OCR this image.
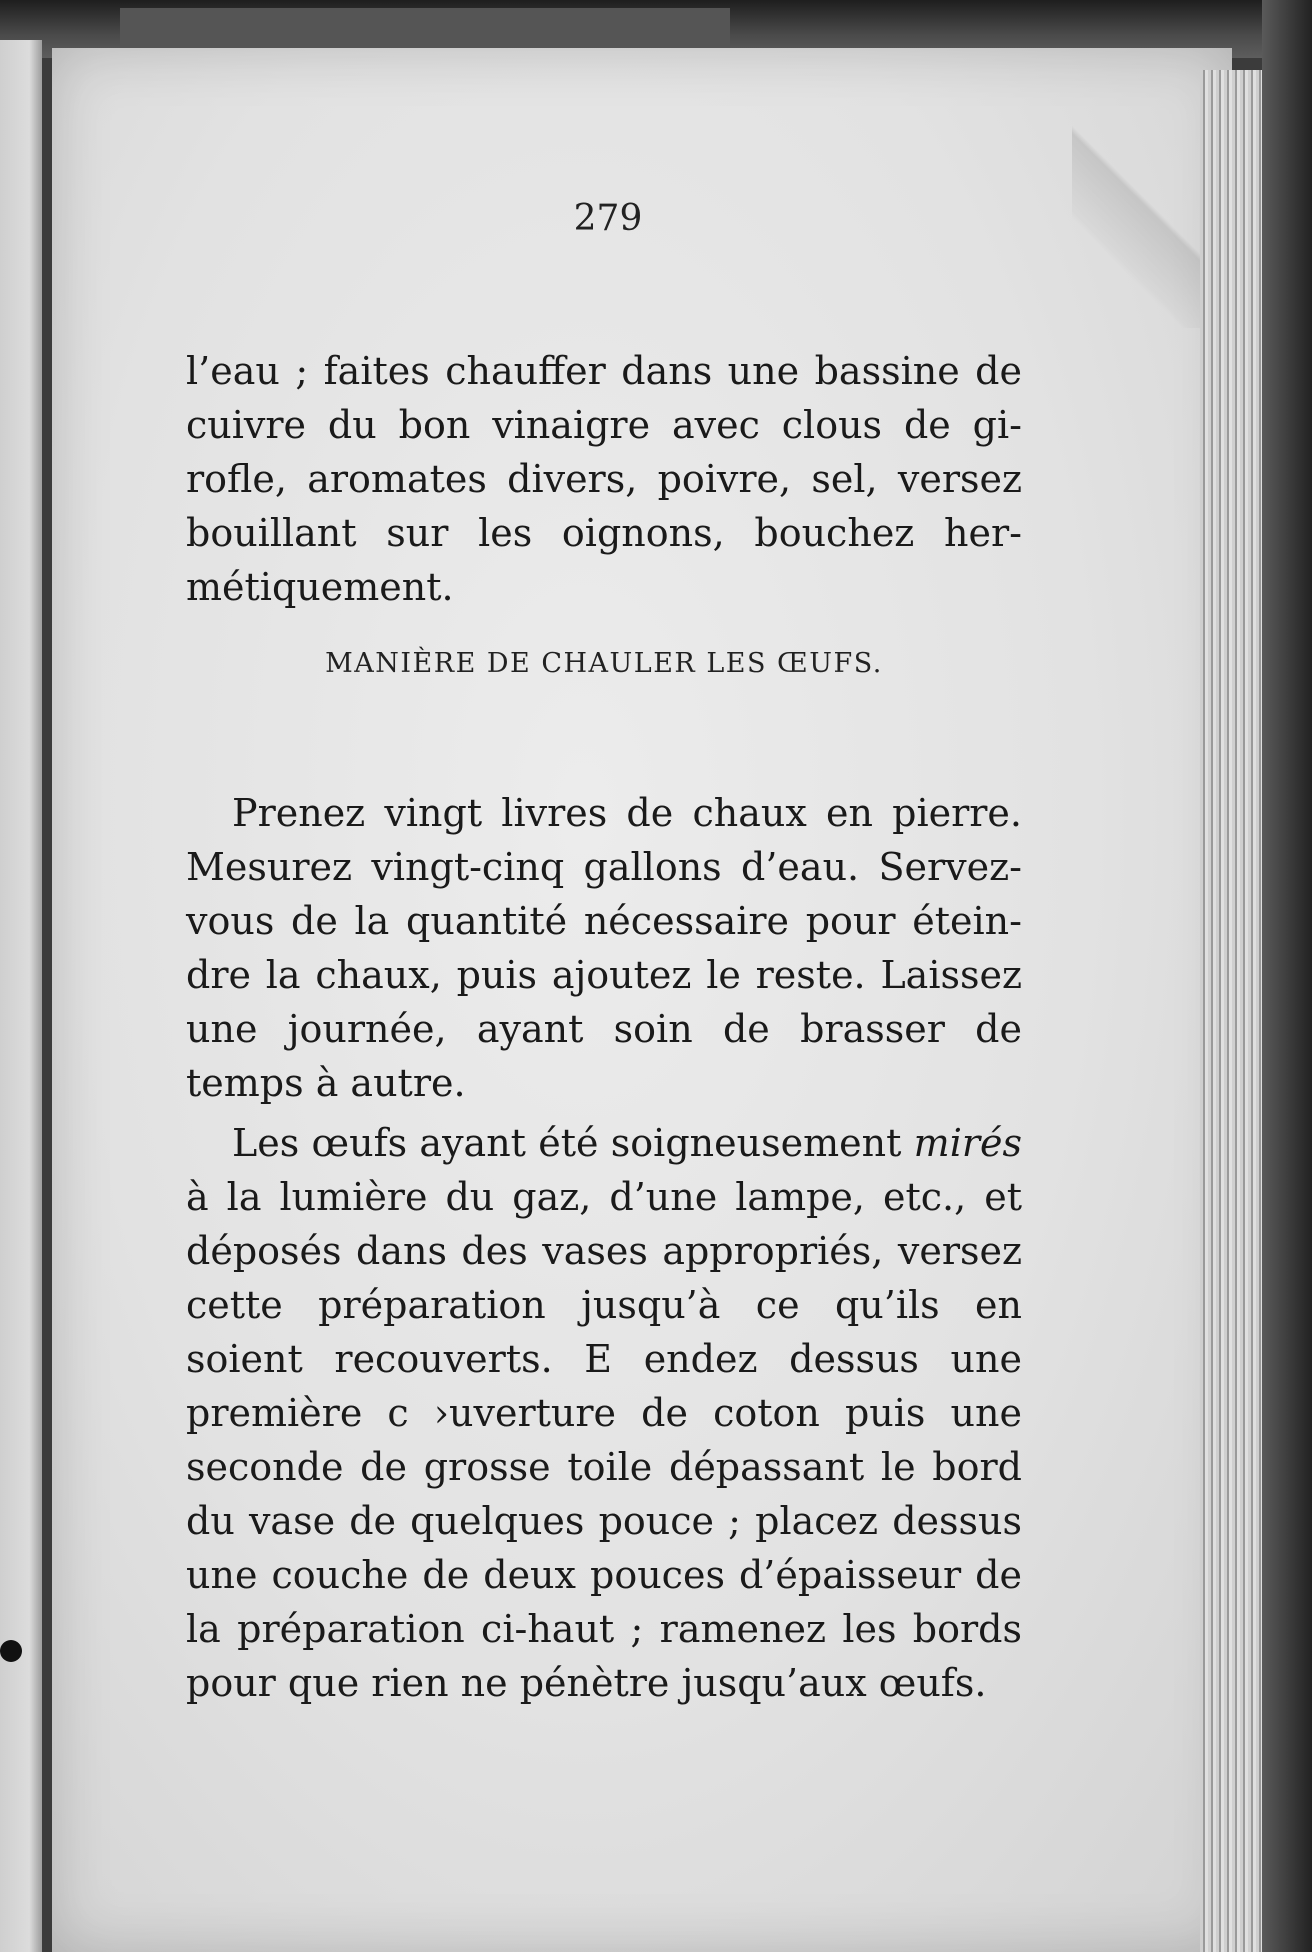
279

l’eau ; faites chauffer dans une bassine de cuivre du bon vinaigre avec clous de girofle, aromates divers, poivre, sel, versez bouillant sur les oignons, bouchez hermétiquement.

MANIÈRE DE CHAULER LES ŒUFS.

Prenez vingt livres de chaux en pierre. Mesurez vingt-cinq gallons d’eau. Servez-vous de la quantité nécessaire pour éteindre la chaux, puis ajoutez le reste. Laissez une journée, ayant soin de brasser de temps à autre.

Les œufs ayant été soigneusement mirés à la lumière du gaz, d’une lampe, etc., et déposés dans des vases appropriés, versez cette préparation jusqu’à ce qu’ils en soient recouverts. E endez dessus une première c ›uverture de coton puis une seconde de grosse toile dépassant le bord du vase de quelques pouce ; placez dessus une couche de deux pouces d’épaisseur de la préparation ci-haut ; ramenez les bords pour que rien ne pénètre jusqu’aux œufs.
